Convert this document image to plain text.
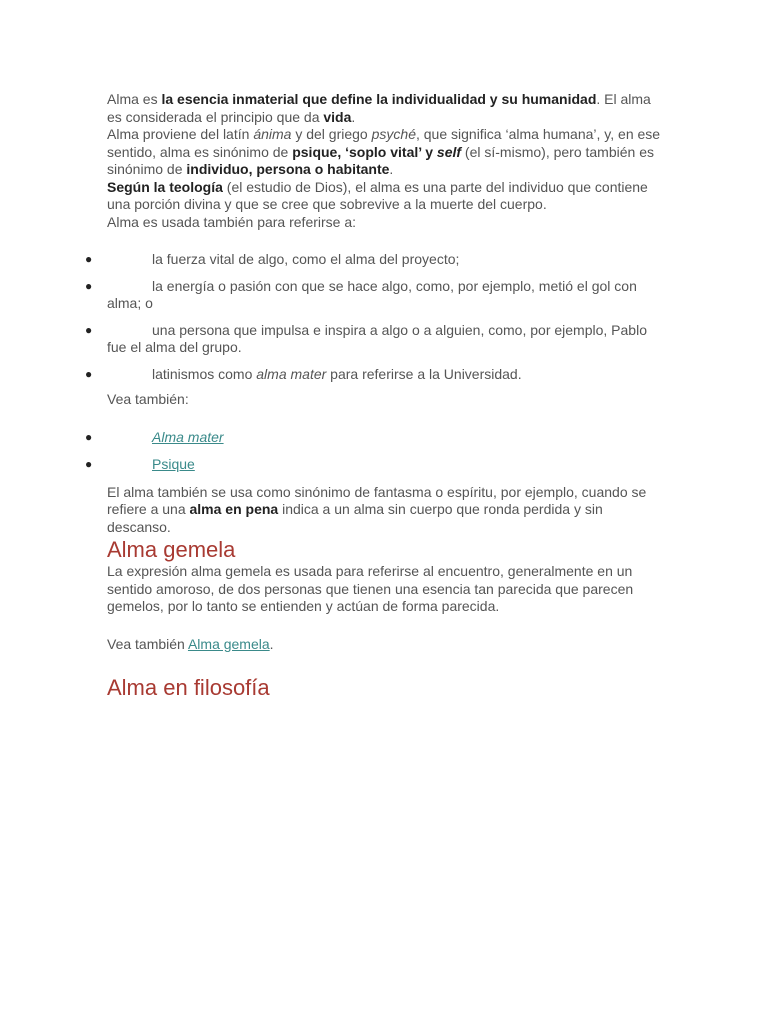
Alma es la esencia inmaterial que define la individualidad y su humanidad. El alma es considerada el principio que da vida.

Alma proviene del latín ánima y del griego psyché, que significa ‘alma humana’, y, en ese sentido, alma es sinónimo de psique, ‘soplo vital’ y self (el sí-mismo), pero también es sinónimo de individuo, persona o habitante.

Según la teología (el estudio de Dios), el alma es una parte del individuo que contiene una porción divina y que se cree que sobrevive a la muerte del cuerpo.

Alma es usada también para referirse a:

●	la fuerza vital de algo, como el alma del proyecto;
●	la energía o pasión con que se hace algo, como, por ejemplo, metió el gol con alma; o
●	una persona que impulsa e inspira a algo o a alguien, como, por ejemplo, Pablo fue el alma del grupo.
●	latinismos como alma mater para referirse a la Universidad.

Vea también:

●	Alma mater
●	Psique

El alma también se usa como sinónimo de fantasma o espíritu, por ejemplo, cuando se refiere a una alma en pena indica a un alma sin cuerpo que ronda perdida y sin descanso.

Alma gemela

La expresión alma gemela es usada para referirse al encuentro, generalmente en un sentido amoroso, de dos personas que tienen una esencia tan parecida que parecen gemelos, por lo tanto se entienden y actúan de forma parecida.

Vea también Alma gemela.

Alma en filosofía
